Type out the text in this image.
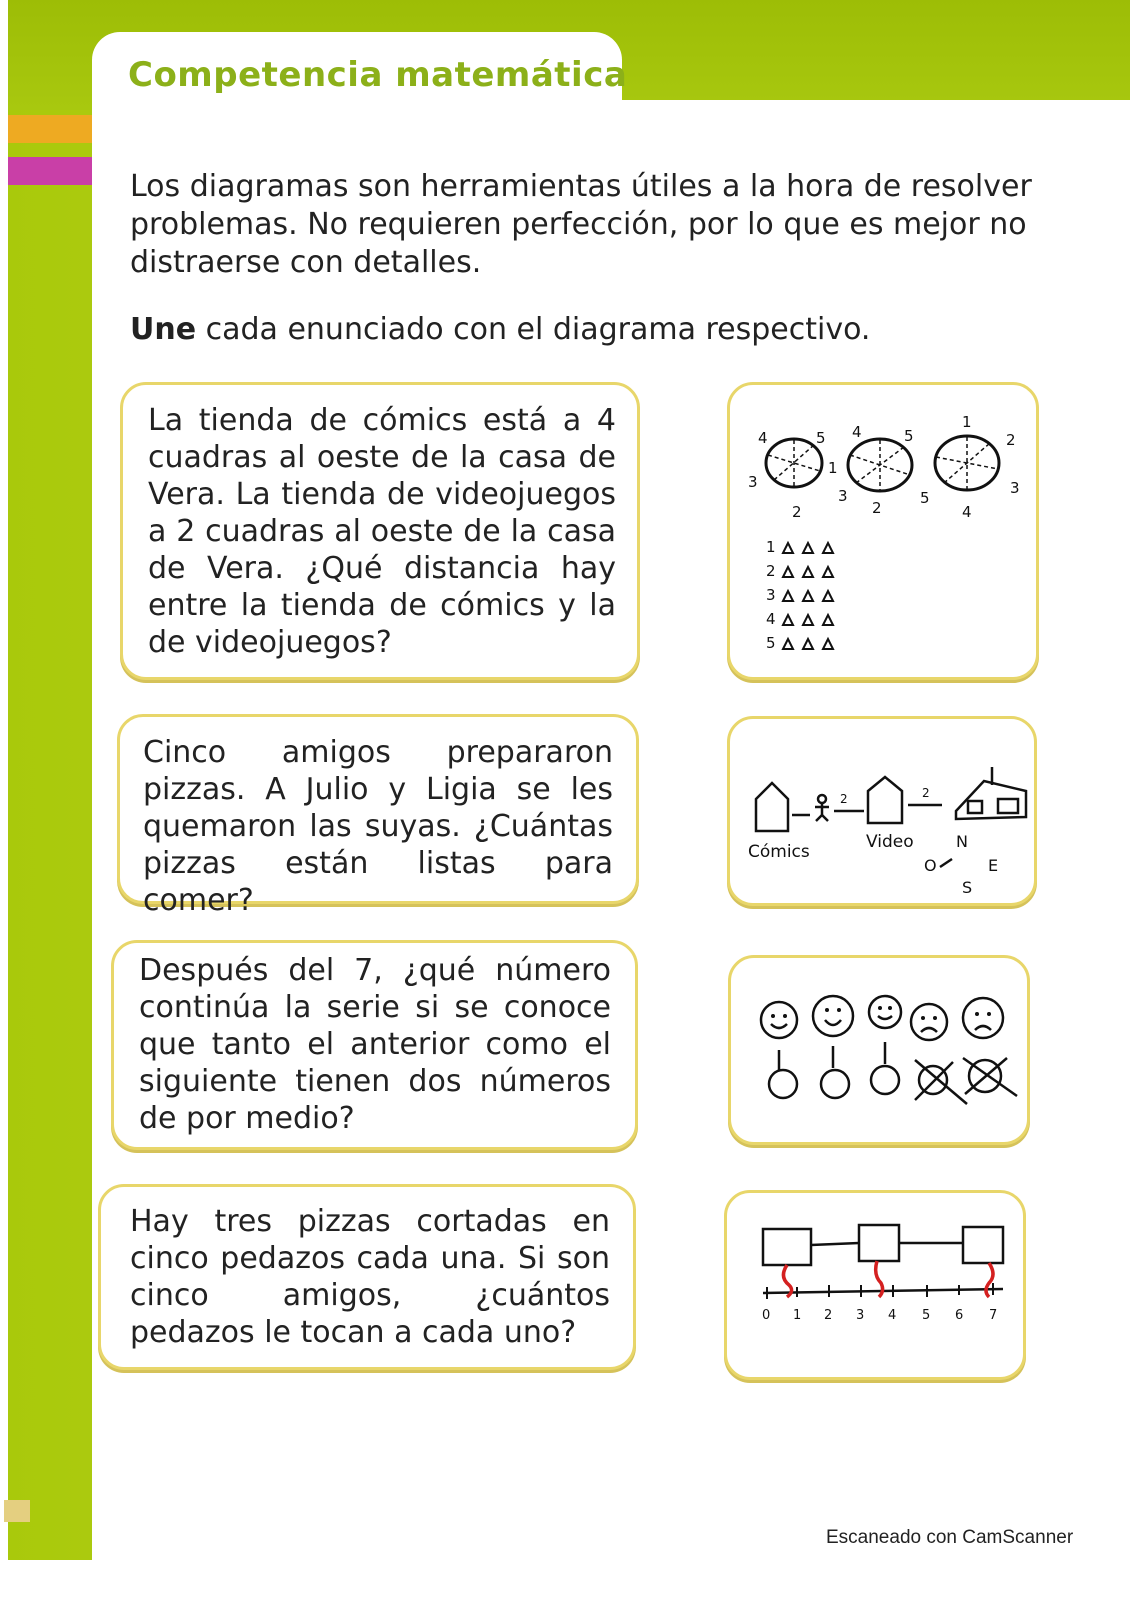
Competencia matemática
Los diagramas son herramientas útiles a la hora de resolver problemas. No requieren perfección, por lo que es mejor no distraerse con detalles.
Une cada enunciado con el diagrama respectivo.
La tienda de cómics está a 4 cuadras al oeste de la casa de Vera. La tienda de videojuegos a 2 cuadras al oeste de la casa de Vera. ¿Qué distancia hay entre la tienda de cómics y la de videojuegos?
Cinco amigos prepararon pizzas. A Julio y Ligia se les quemaron las suyas. ¿Cuántas pizzas están listas para comer?
Después del 7, ¿qué número continúa la serie si se conoce que tanto el anterior como el siguiente tienen dos números de por medio?
Hay tres pizzas cortadas en cinco pedazos cada una. Si son cinco amigos, ¿cuántos pedazos le tocan a cada uno?
4	5
1
2
3
4	5
3
2
1
2
3
4
5
1
2
3
4
5
2	2
Cómics	Video	N
O	E
S
0 1 2 3 4 5 6 7
Escaneado con CamScanner
